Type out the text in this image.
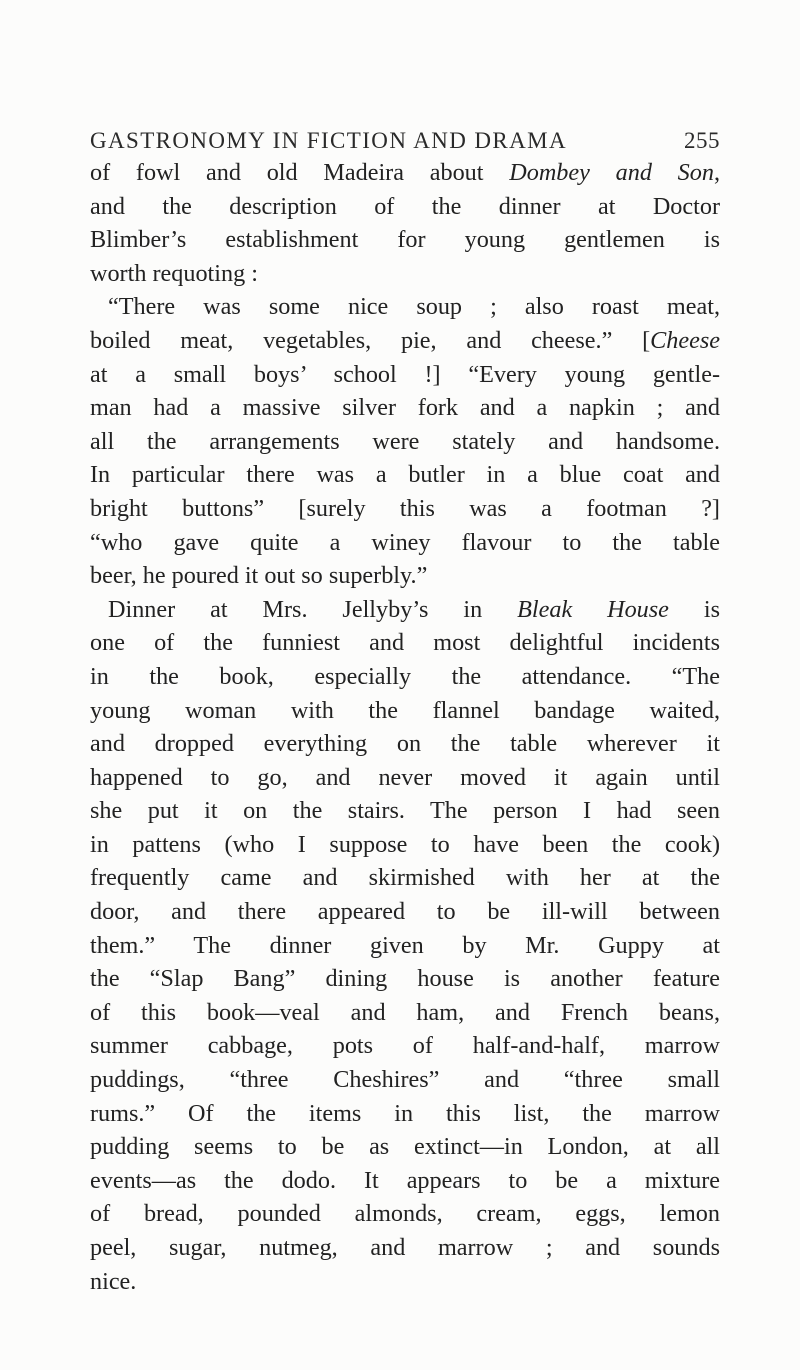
GASTRONOMY IN FICTION AND DRAMA	255
of fowl and old Madeira about Dombey and Son,
and the description of the dinner at Doctor
Blimber’s establishment for young gentlemen is
worth requoting :
“There was some nice soup ; also roast meat,
boiled meat, vegetables, pie, and cheese.” [Cheese
at a small boys’ school !] “Every young gentle-
man had a massive silver fork and a napkin ; and
all the arrangements were stately and handsome.
In particular there was a butler in a blue coat and
bright buttons” [surely this was a footman ?]
“who gave quite a winey flavour to the table
beer, he poured it out so superbly.”
Dinner at Mrs. Jellyby’s in Bleak House is
one of the funniest and most delightful incidents
in the book, especially the attendance. “The
young woman with the flannel bandage waited,
and dropped everything on the table wherever it
happened to go, and never moved it again until
she put it on the stairs. The person I had seen
in pattens (who I suppose to have been the cook)
frequently came and skirmished with her at the
door, and there appeared to be ill-will between
them.” The dinner given by Mr. Guppy at
the “Slap Bang” dining house is another feature
of this book—veal and ham, and French beans,
summer cabbage, pots of half-and-half, marrow
puddings, “three Cheshires” and “three small
rums.” Of the items in this list, the marrow
pudding seems to be as extinct—in London, at all
events—as the dodo. It appears to be a mixture
of bread, pounded almonds, cream, eggs, lemon
peel, sugar, nutmeg, and marrow ; and sounds
nice.
